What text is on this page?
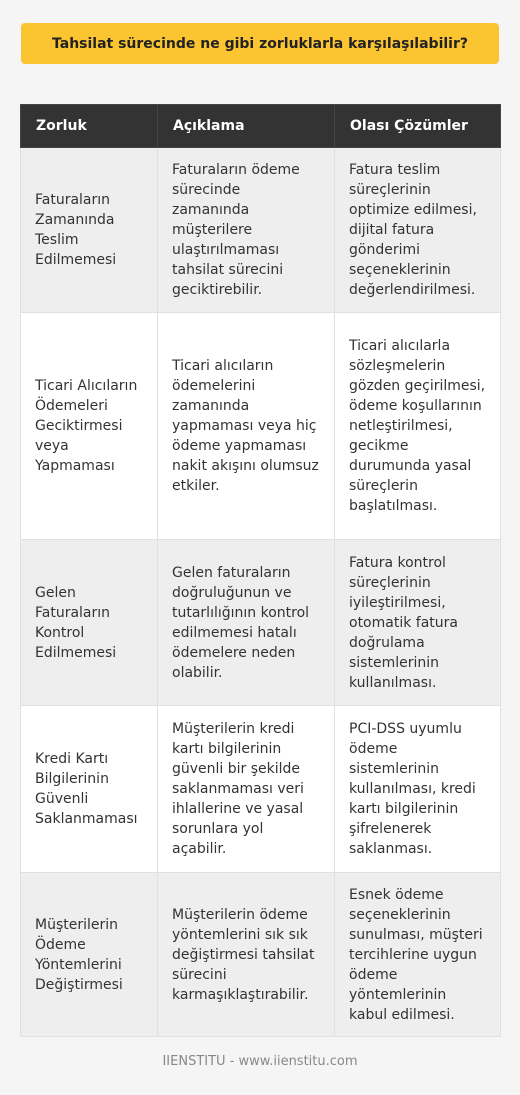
Tahsilat sürecinde ne gibi zorluklarla karşılaşılabilir?
Zorluk	Açıklama	Olası Çözümler
Faturaların Zamanında Teslim Edilmemesi	Faturaların ödeme sürecinde zamanında müşterilere ulaştırılmaması tahsilat sürecini geciktirebilir.	Fatura teslim süreçlerinin optimize edilmesi, dijital fatura gönderimi seçeneklerinin değerlendirilmesi.
Ticari Alıcıların Ödemeleri Geciktirmesi veya Yapmaması	Ticari alıcıların ödemelerini zamanında yapmaması veya hiç ödeme yapmaması nakit akışını olumsuz etkiler.	Ticari alıcılarla sözleşmelerin gözden geçirilmesi, ödeme koşullarının netleştirilmesi, gecikme durumunda yasal süreçlerin başlatılması.
Gelen Faturaların Kontrol Edilmemesi	Gelen faturaların doğruluğunun ve tutarlılığının kontrol edilmemesi hatalı ödemelere neden olabilir.	Fatura kontrol süreçlerinin iyileştirilmesi, otomatik fatura doğrulama sistemlerinin kullanılması.
Kredi Kartı Bilgilerinin Güvenli Saklanmaması	Müşterilerin kredi kartı bilgilerinin güvenli bir şekilde saklanmaması veri ihlallerine ve yasal sorunlara yol açabilir.	PCI-DSS uyumlu ödeme sistemlerinin kullanılması, kredi kartı bilgilerinin şifrelenerek saklanması.
Müşterilerin Ödeme Yöntemlerini Değiştirmesi	Müşterilerin ödeme yöntemlerini sık sık değiştirmesi tahsilat sürecini karmaşıklaştırabilir.	Esnek ödeme seçeneklerinin sunulması, müşteri tercihlerine uygun ödeme yöntemlerinin kabul edilmesi.
IIENSTITU - www.iienstitu.com
